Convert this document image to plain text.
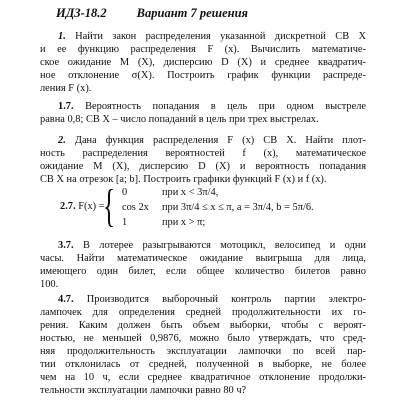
ИДЗ-18.2 Вариант 7 решения

1. Найти закон распределения указанной дискретной СВ X

и ее функцию распределения F (x). Вычислить математиче-

ское ожидание M (X), дисперсию D (X) и среднее квадратич-

ное отклонение σ(X). Построить график функции распреде-

ления F (x).

1.7. Вероятность попадания в цель при одном выстреле

равна 0,8; СВ X – число попаданий в цель при трех выстрелах.

2. Дана функция распределения F (x) СВ X. Найти плот-

ность распределения вероятностей f (x), математическое

ожидание M (X), дисперсию D (X) и вероятность попадания

СВ X на отрезок [a; b]. Построить графики функций F (x) и f (x).

2.7. F(x) =
{ 0	при x < 3π/4,
cos 2x при 3π/4 ≤ x ≤ π, a = 3π/4, b = 5π/6.
1	при x > π;

3.7. В лотерее разыгрываются мотоцикл, велосипед и одни

часы. Найти математическое ожидание выигрыша для лица,

имеющего один билет, если общее количество билетов равно

100.

4.7. Производится выборочный контроль партии электро-

лампочек для определения средней продолжительности их го-

рения. Каким должен быть объем выборки, чтобы с вероят-

ностью, не меньшей 0,9876, можно было утверждать, что сред-

няя продолжительность эксплуатации лампочки по всей пар-

тии отклонилась от средней, полученной в выборке, не более

чем на 10 ч, если среднее квадратичное отклонение продолжи-

тельности эксплуатации лампочки равно 80 ч?
